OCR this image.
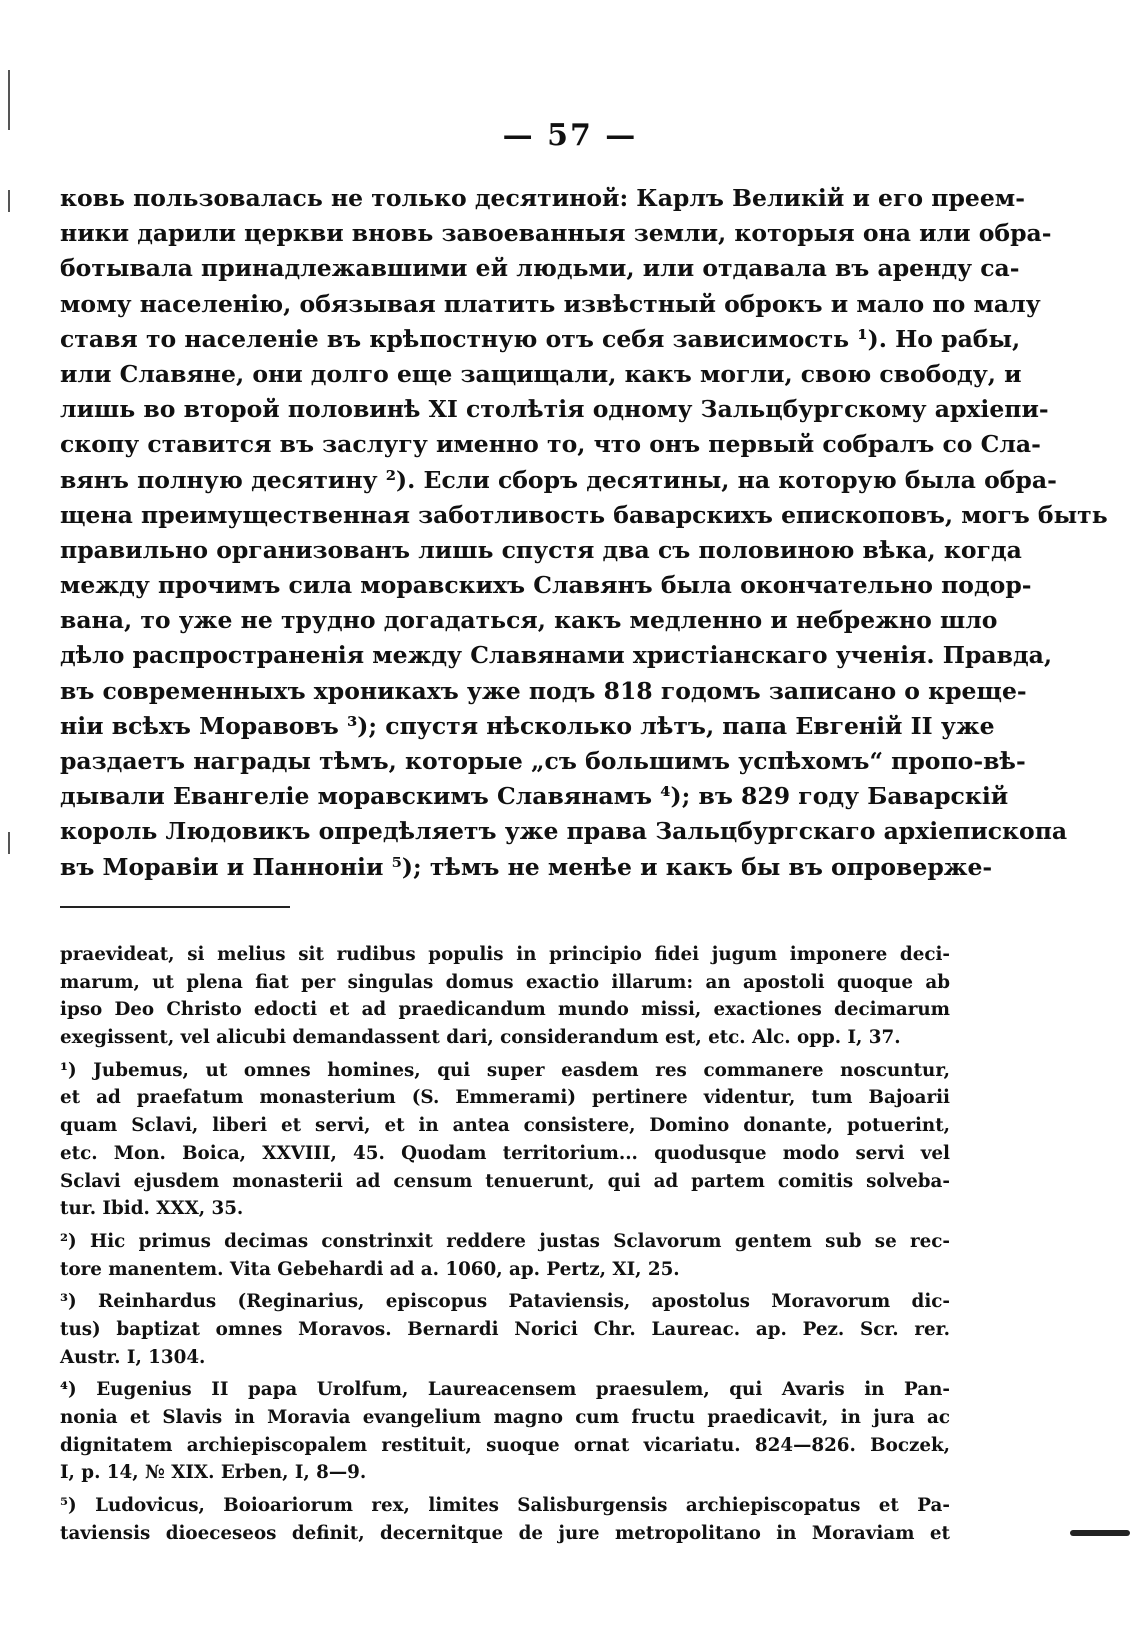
— 57 —
ковь пользовалась не только десятиной: Карлъ Великій и его преем-
ники дарили церкви вновь завоеванныя земли, которыя она или обра-
ботывала принадлежавшими ей людьми, или отдавала въ аренду са-
мому населенію, обязывая платить извѣстный оброкъ и мало по малу
ставя то населеніе въ крѣпостную отъ себя зависимость ¹). Но рабы,
или Славяне, они долго еще защищали, какъ могли, свою свободу, и
лишь во второй половинѣ XI столѣтія одному Зальцбургскому архіепи-
скопу ставится въ заслугу именно то, что онъ первый собралъ со Сла-
вянъ полную десятину ²). Если сборъ десятины, на которую была обра-
щена преимущественная заботливость баварскихъ епископовъ, могъ быть
правильно организованъ лишь спустя два съ половиною вѣка, когда
между прочимъ сила моравскихъ Славянъ была окончательно подор-
вана, то уже не трудно догадаться, какъ медленно и небрежно шло
дѣло распространенія между Славянами христіанскаго ученія. Правда,
въ современныхъ хроникахъ уже подъ 818 годомъ записано о крещe-
ніи всѣхъ Моравовъ ³); спустя нѣсколько лѣтъ, папа Евгеній II уже
раздаетъ награды тѣмъ, которые „съ большимъ успѣхомъ“ пропо-вѣ-
дывали Евангеліе моравскимъ Славянамъ ⁴); въ 829 году Баварскій
король Людовикъ опредѣляетъ уже права Зальцбургскаго архіепископа
въ Моравіи и Паннонiи ⁵); тѣмъ не менѣе и какъ бы въ опроверже-
praevideat, si melius sit rudibus populis in principio fidei jugum imponere deci-
marum, ut plena fiat per singulas domus exactio illarum: an apostoli quoque ab
ipso Deo Christo edocti et ad praedicandum mundo missi, exactiones decimarum
exegissent, vel alicubi demandassent dari, considerandum est, etc. Alc. opp. I, 37.
¹) Jubemus, ut omnes homines, qui super easdem res commanere noscuntur,
et ad praefatum monasterium (S. Emmerami) pertinere videntur, tum Bajoarii
quam Sclavi, liberi et servi, et in antea consistere, Domino donante, potuerint,
etc. Mon. Boica, XXVIII, 45. Quodam territorium... quodusque modo servi vel
Sclavi ejusdem monasterii ad censum tenuerunt, qui ad partem comitis solveba-
tur. Ibid. XXX, 35.
²) Hic primus decimas constrinxit reddere justas Sclavorum gentem sub se rec-
tore manentem. Vita Gebehardi ad a. 1060, ap. Pertz, XI, 25.
³) Reinhardus (Reginarius, episcopus Pataviensis, apostolus Moravorum dic-
tus) baptizat omnes Moravos. Bernardi Norici Chr. Laureac. ap. Pez. Scr. rer.
Austr. I, 1304.
⁴) Eugenius II papa Urolfum, Laureacensem praesulem, qui Avaris in Pan-
nonia et Slavis in Moravia evangelium magno cum fructu praedicavit, in jura ac
dignitatem archiepiscopalem restituit, suoque ornat vicariatu. 824—826. Boczek,
I, p. 14, № XIX. Erben, I, 8—9.
⁵) Ludovicus, Boioariorum rex, limites Salisburgensis archiepiscopatus et Pa-
taviensis dioeceseos definit, decernitque de jure metropolitano in Moraviam et
